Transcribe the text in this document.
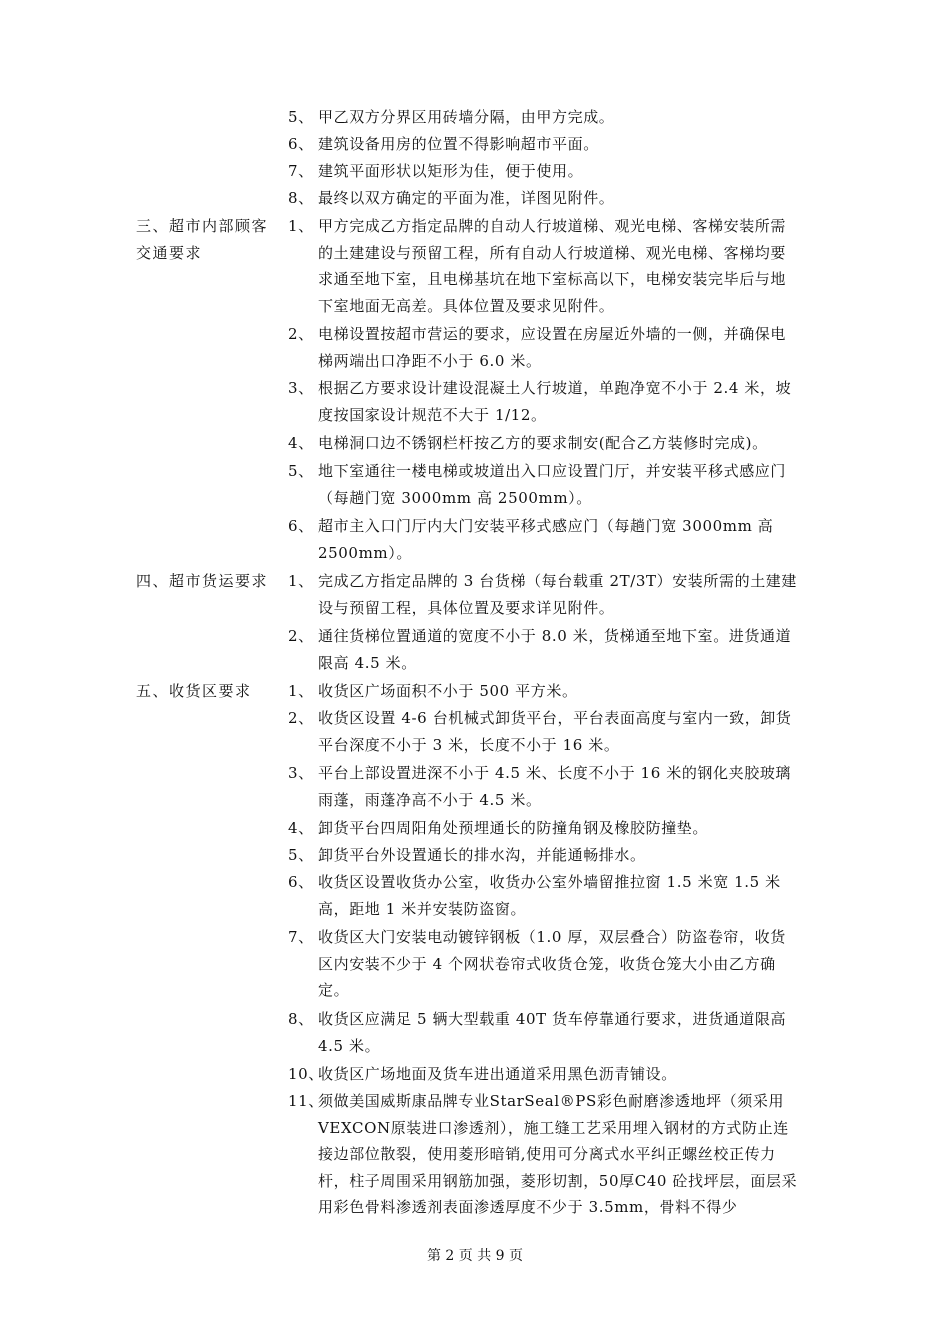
5、 甲乙双方分界区用砖墙分隔，由甲方完成。
6、 建筑设备用房的位置不得影响超市平面。
7、 建筑平面形状以矩形为佳，便于使用。
8、 最终以双方确定的平面为准，详图见附件。
三、超市内部顾客交通要求
1、 甲方完成乙方指定品牌的自动人行坡道梯、观光电梯、客梯安装所需的土建建设与预留工程，所有自动人行坡道梯、观光电梯、客梯均要求通至地下室，且电梯基坑在地下室标高以下，电梯安装完毕后与地下室地面无高差。具体位置及要求见附件。
2、 电梯设置按超市营运的要求，应设置在房屋近外墙的一侧，并确保电梯两端出口净距不小于 6.0 米。
3、 根据乙方要求设计建设混凝土人行坡道，单跑净宽不小于 2.4 米，坡度按国家设计规范不大于 1/12。
4、 电梯洞口边不锈钢栏杆按乙方的要求制安(配合乙方装修时完成)。
5、 地下室通往一楼电梯或坡道出入口应设置门厅，并安装平移式感应门（每趟门宽 3000mm 高 2500mm）。
6、 超市主入口门厅内大门安装平移式感应门（每趟门宽 3000mm 高 2500mm）。
四、超市货运要求	1、 完成乙方指定品牌的 3 台货梯（每台载重 2T/3T）安装所需的土建建设与预留工程，具体位置及要求详见附件。
2、 通往货梯位置通道的宽度不小于 8.0 米，货梯通至地下室。进货通道限高 4.5 米。
五、收货区要求	1、 收货区广场面积不小于 500 平方米。
2、 收货区设置 4-6 台机械式卸货平台，平台表面高度与室内一致，卸货平台深度不小于 3 米，长度不小于 16 米。
3、 平台上部设置进深不小于 4.5 米、长度不小于 16 米的钢化夹胶玻璃雨蓬，雨蓬净高不小于 4.5 米。
4、 卸货平台四周阳角处预埋通长的防撞角钢及橡胶防撞垫。
5、 卸货平台外设置通长的排水沟，并能通畅排水。
6、 收货区设置收货办公室，收货办公室外墙留推拉窗 1.5 米宽 1.5 米高，距地 1 米并安装防盗窗。
7、 收货区大门安装电动镀锌钢板（1.0 厚，双层叠合）防盗卷帘，收货区内安装不少于 4 个网状卷帘式收货仓笼，收货仓笼大小由乙方确定。
8、 收货区应满足 5 辆大型载重 40T 货车停靠通行要求，进货通道限高 4.5 米。
10、收货区广场地面及货车进出通道采用黑色沥青铺设。
11、须做美国威斯康品牌专业StarSeal®PS彩色耐磨渗透地坪（须采用VEXCON原装进口渗透剂），施工缝工艺采用埋入钢材的方式防止连接边部位散裂，使用菱形暗销,使用可分离式水平纠正螺丝校正传力杆，柱子周围采用钢筋加强，菱形切割，50厚C40 砼找坪层，面层采用彩色骨料渗透剂表面渗透厚度不少于 3.5mm，骨料不得少
第 2 页 共 9 页
